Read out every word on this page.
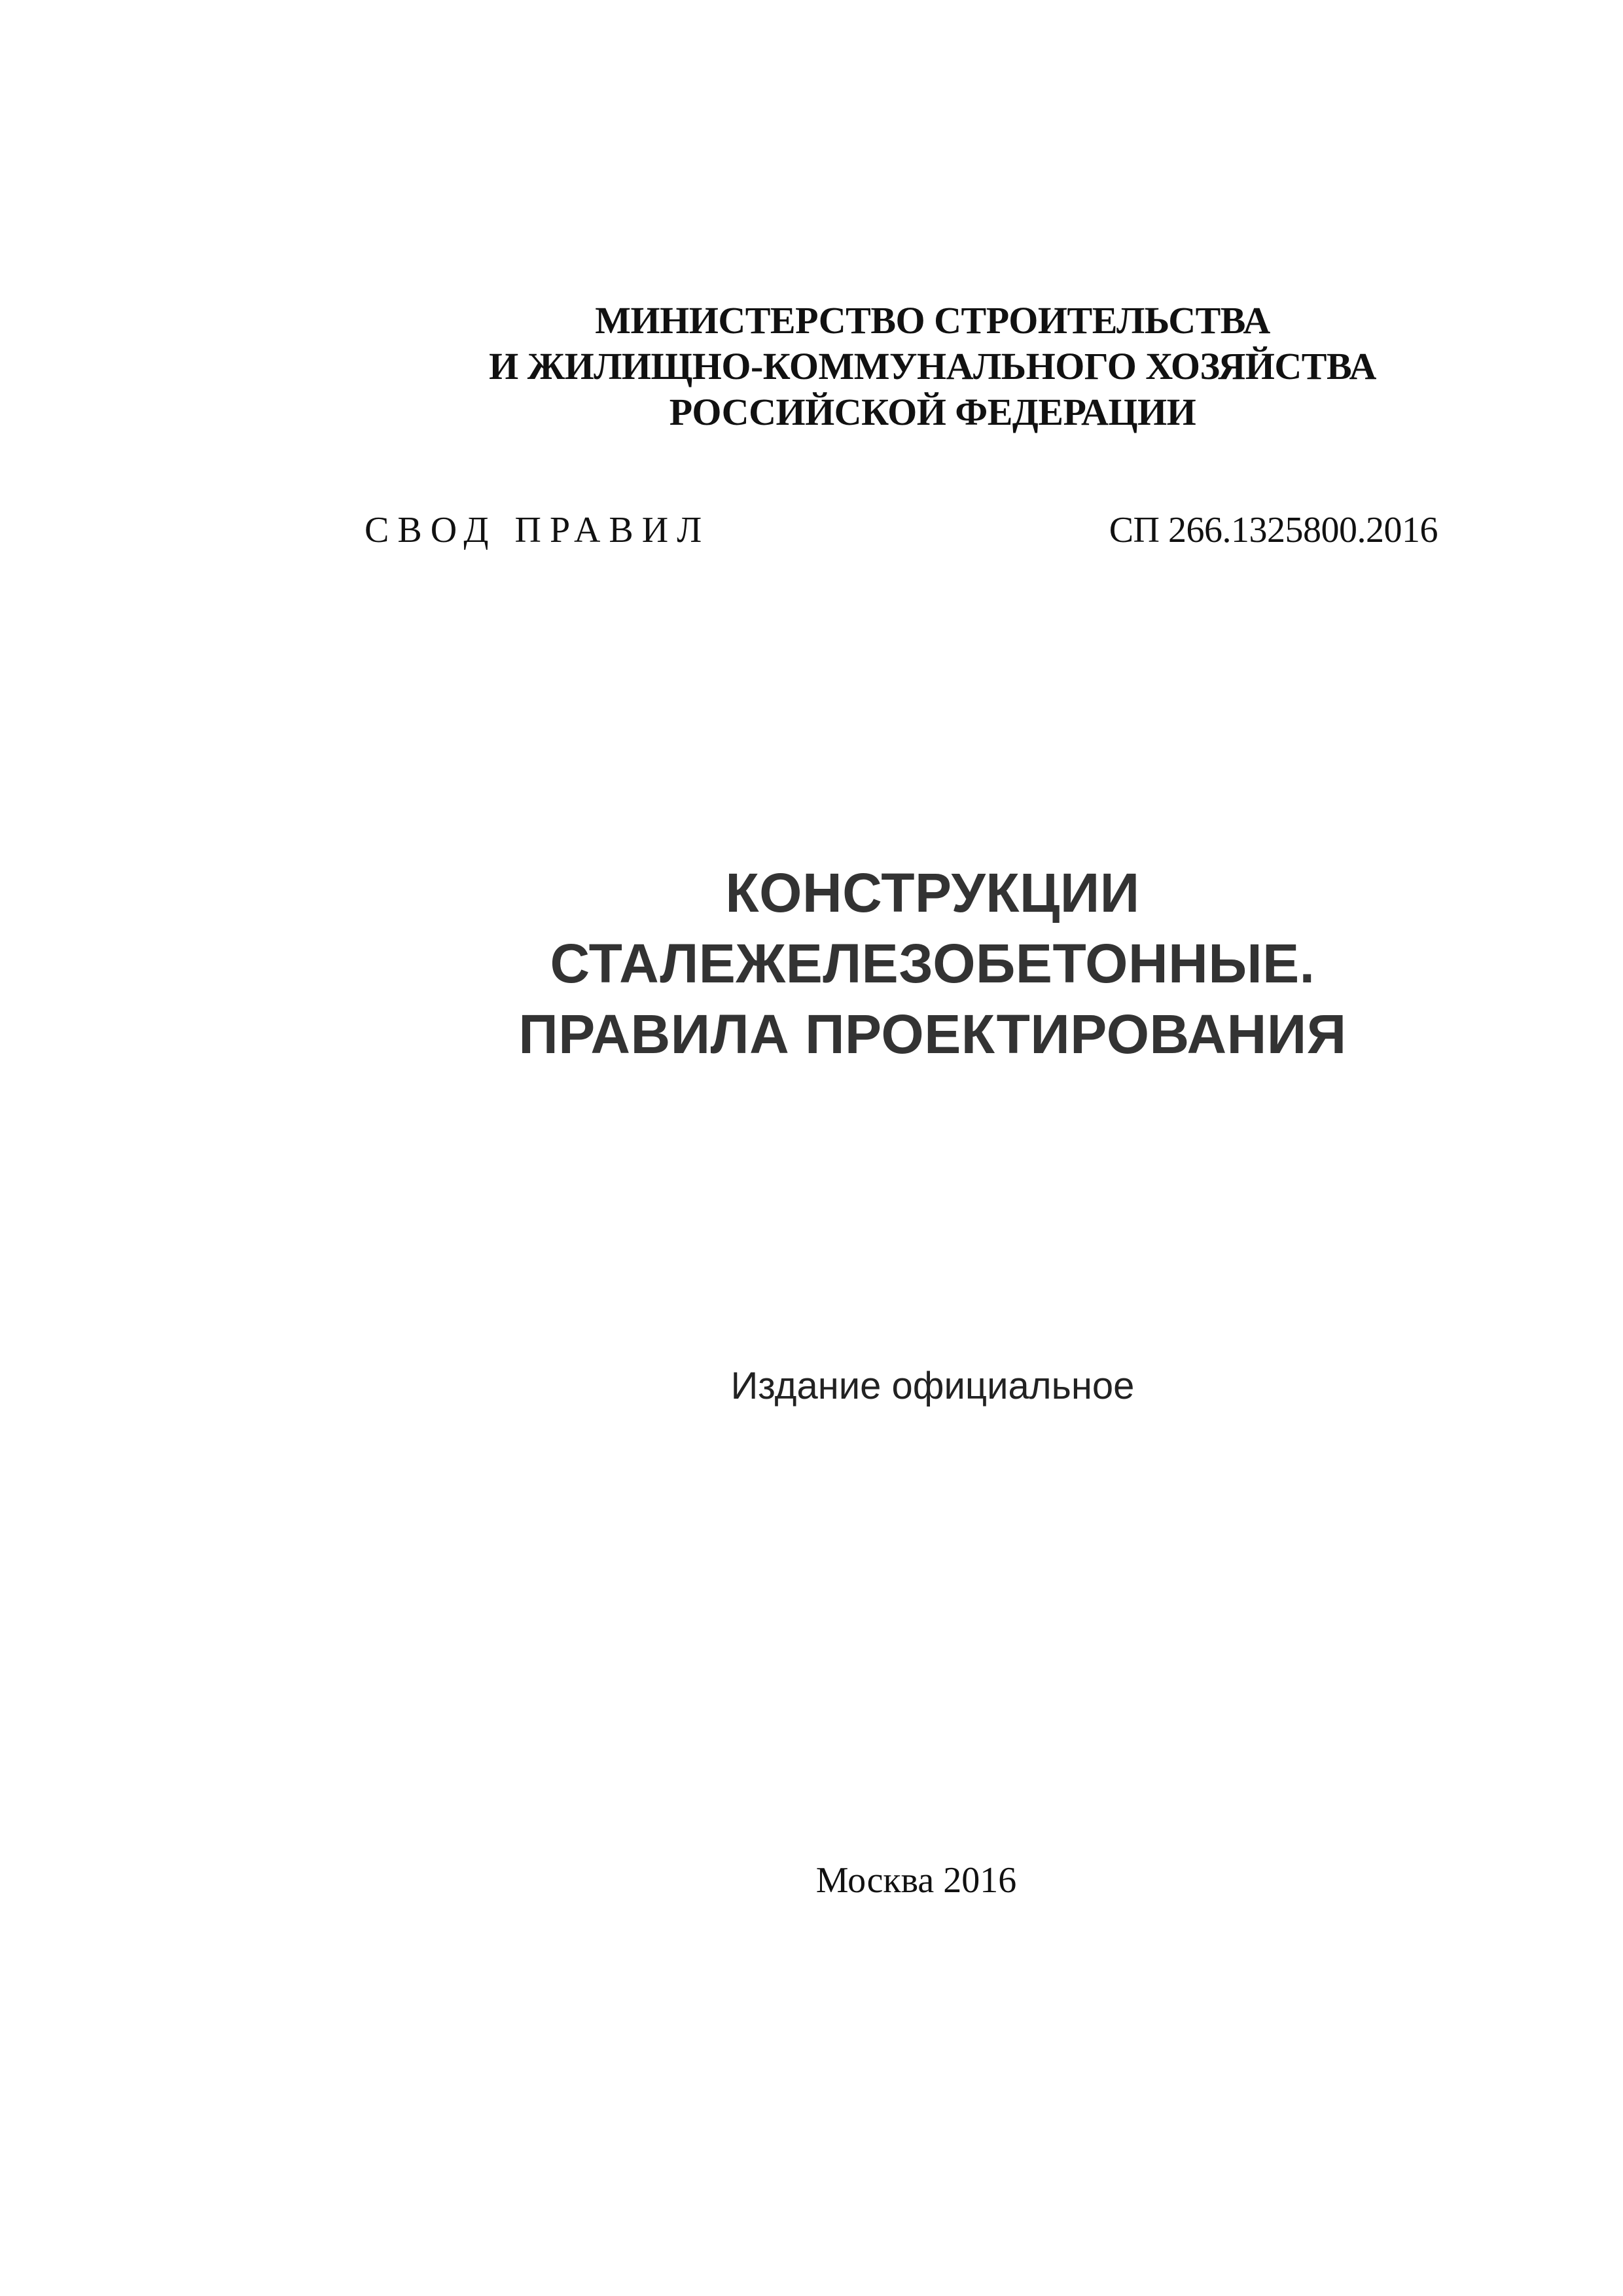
МИНИСТЕРСТВО СТРОИТЕЛЬСТВА
И ЖИЛИЩНО-КОММУНАЛЬНОГО ХОЗЯЙСТВА
РОССИЙСКОЙ ФЕДЕРАЦИИ
СВОД ПРАВИЛ	СП 266.1325800.2016
КОНСТРУКЦИИ
СТАЛЕЖЕЛЕЗОБЕТОННЫЕ.
ПРАВИЛА ПРОЕКТИРОВАНИЯ
Издание официальное
Москва 2016
